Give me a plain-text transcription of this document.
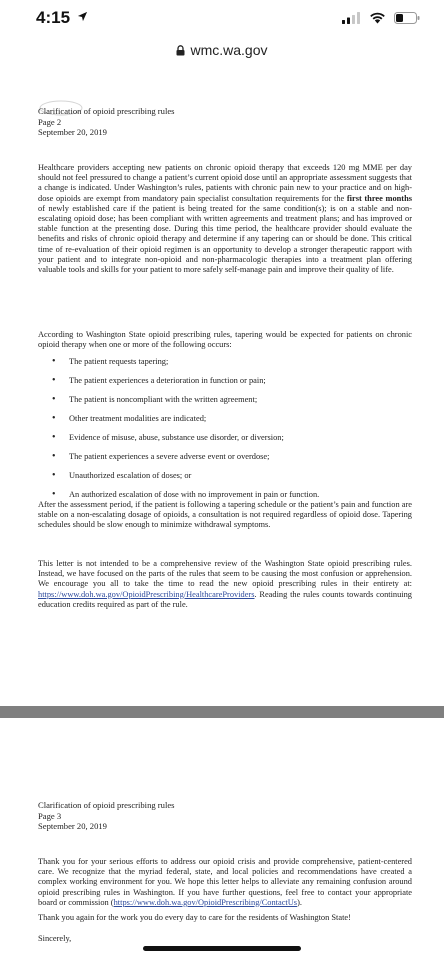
4:15
wmc.wa.gov
Clarification of opioid prescribing rules
Page 2
September 20, 2019
Healthcare providers accepting new patients on chronic opioid therapy that exceeds 120 mg MME per day should not feel pressured to change a patient’s current opioid dose until an appropriate assessment suggests that a change is indicated. Under Washington’s rules, patients with chronic pain new to your practice and on high-dose opioids are exempt from mandatory pain specialist consultation requirements for the first three months of newly established care if the patient is being treated for the same condition(s); is on a stable and non-escalating opioid dose; has been compliant with written agreements and treatment plans; and has improved or stable function at the presenting dose. During this time period, the healthcare provider should evaluate the benefits and risks of chronic opioid therapy and determine if any tapering can or should be done. This critical time of re-evaluation of their opioid regimen is an opportunity to develop a stronger therapeutic rapport with your patient and to integrate non-opioid and non-pharmacologic therapies into a treatment plan offering valuable tools and skills for your patient to more safely self-manage pain and improve their quality of life.
According to Washington State opioid prescribing rules, tapering would be expected for patients on chronic opioid therapy when one or more of the following occurs:
• The patient requests tapering;
• The patient experiences a deterioration in function or pain;
• The patient is noncompliant with the written agreement;
• Other treatment modalities are indicated;
• Evidence of misuse, abuse, substance use disorder, or diversion;
• The patient experiences a severe adverse event or overdose;
• Unauthorized escalation of doses; or
• An authorized escalation of dose with no improvement in pain or function.
After the assessment period, if the patient is following a tapering schedule or the patient’s pain and function are stable on a non-escalating dosage of opioids, a consultation is not required regardless of opioid dose. Tapering schedules should be slow enough to minimize withdrawal symptoms.
This letter is not intended to be a comprehensive review of the Washington State opioid prescribing rules. Instead, we have focused on the parts of the rules that seem to be causing the most confusion or apprehension. We encourage you all to take the time to read the new opioid prescribing rules in their entirety at: https://www.doh.wa.gov/OpioidPrescribing/HealthcareProviders. Reading the rules counts towards continuing education credits required as part of the rule.
Clarification of opioid prescribing rules
Page 3
September 20, 2019
Thank you for your serious efforts to address our opioid crisis and provide comprehensive, patient-centered care. We recognize that the myriad federal, state, and local policies and recommendations have created a complex working environment for you. We hope this letter helps to alleviate any remaining confusion around opioid prescribing rules in Washington. If you have further questions, feel free to contact your appropriate board or commission (https://www.doh.wa.gov/OpioidPrescribing/ContactUs).
Thank you again for the work you do every day to care for the residents of Washington State!
Sincerely,
